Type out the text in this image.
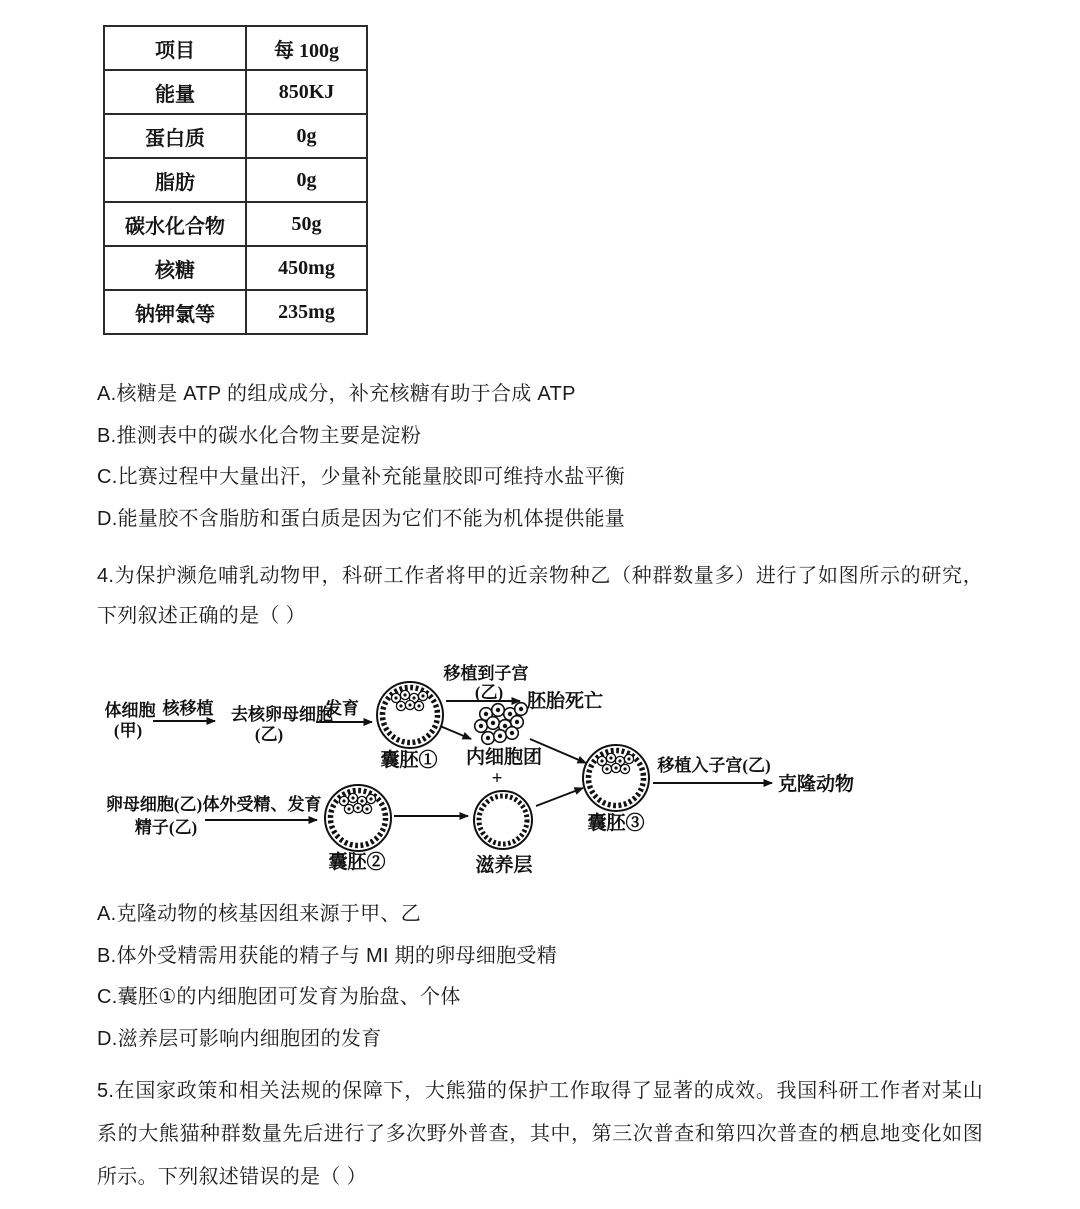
项目	每 100g
能量	850KJ
蛋白质	0g
脂肪	0g
碳水化合物	50g
核糖	450mg
钠钾氯等	235mg
A.核糖是 ATP 的组成成分，补充核糖有助于合成 ATP
B.推测表中的碳水化合物主要是淀粉
C.比赛过程中大量出汗，少量补充能量胶即可维持水盐平衡
D.能量胶不含脂肪和蛋白质是因为它们不能为机体提供能量
4.为保护濒危哺乳动物甲，科研工作者将甲的近亲物种乙（种群数量多）进行了如图所示的研究，下列叙述正确的是（ ）
体细胞
(甲)
核移植 去核卵母细胞
(乙)
发育
囊胚①
移植到子宫
(乙) 胚胎死亡
内细胞团
+
卵母细胞(乙)
精子(乙)
体外受精、发育
囊胚②	滋养层
囊胚③
移植入子宫(乙)
克隆动物
A.克隆动物的核基因组来源于甲、乙
B.体外受精需用获能的精子与 MI 期的卵母细胞受精
C.囊胚①的内细胞团可发育为胎盘、个体
D.滋养层可影响内细胞团的发育
5.在国家政策和相关法规的保障下，大熊猫的保护工作取得了显著的成效。我国科研工作者对某山系的大熊猫种群数量先后进行了多次野外普查，其中，第三次普查和第四次普查的栖息地变化如图所示。下列叙述错误的是（ ）
